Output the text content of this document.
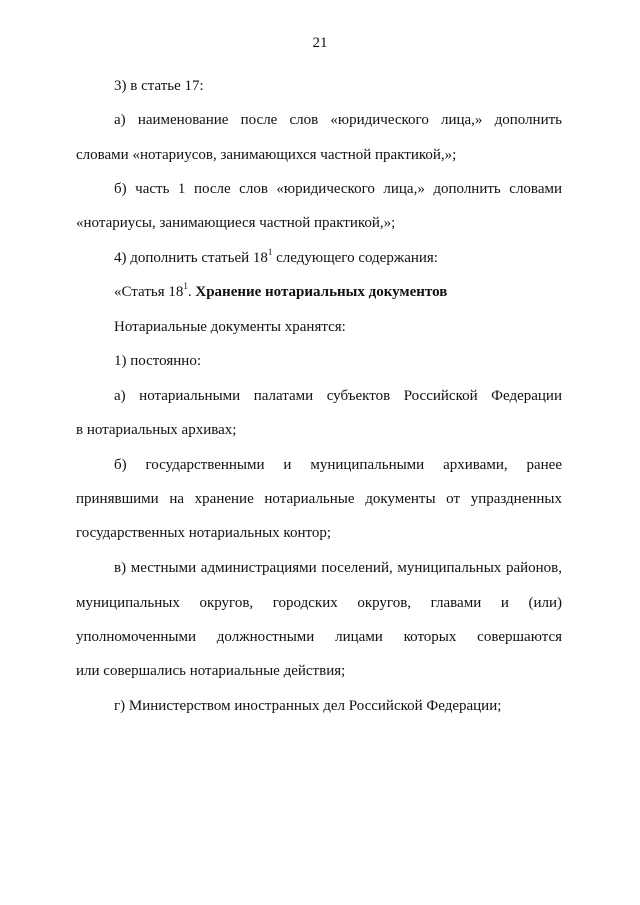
21
3) в статье 17:
а) наименование после слов «юридического лица,» дополнить
словами «нотариусов, занимающихся частной практикой,»;
б) часть 1 после слов «юридического лица,» дополнить словами
«нотариусы, занимающиеся частной практикой,»;
4) дополнить статьей $18^1$ следующего содержания:
«Статья $18^1$. Хранение нотариальных документов
Нотариальные документы хранятся:
1) постоянно:
а) нотариальными палатами субъектов Российской Федерации
в нотариальных архивах;
б) государственными и муниципальными архивами, ранее
принявшими на хранение нотариальные документы от упраздненных
государственных нотариальных контор;
в) местными администрациями поселений, муниципальных районов,
муниципальных округов, городских округов, главами и (или)
уполномоченными должностными лицами которых совершаются
или совершались нотариальные действия;
г) Министерством иностранных дел Российской Федерации;
